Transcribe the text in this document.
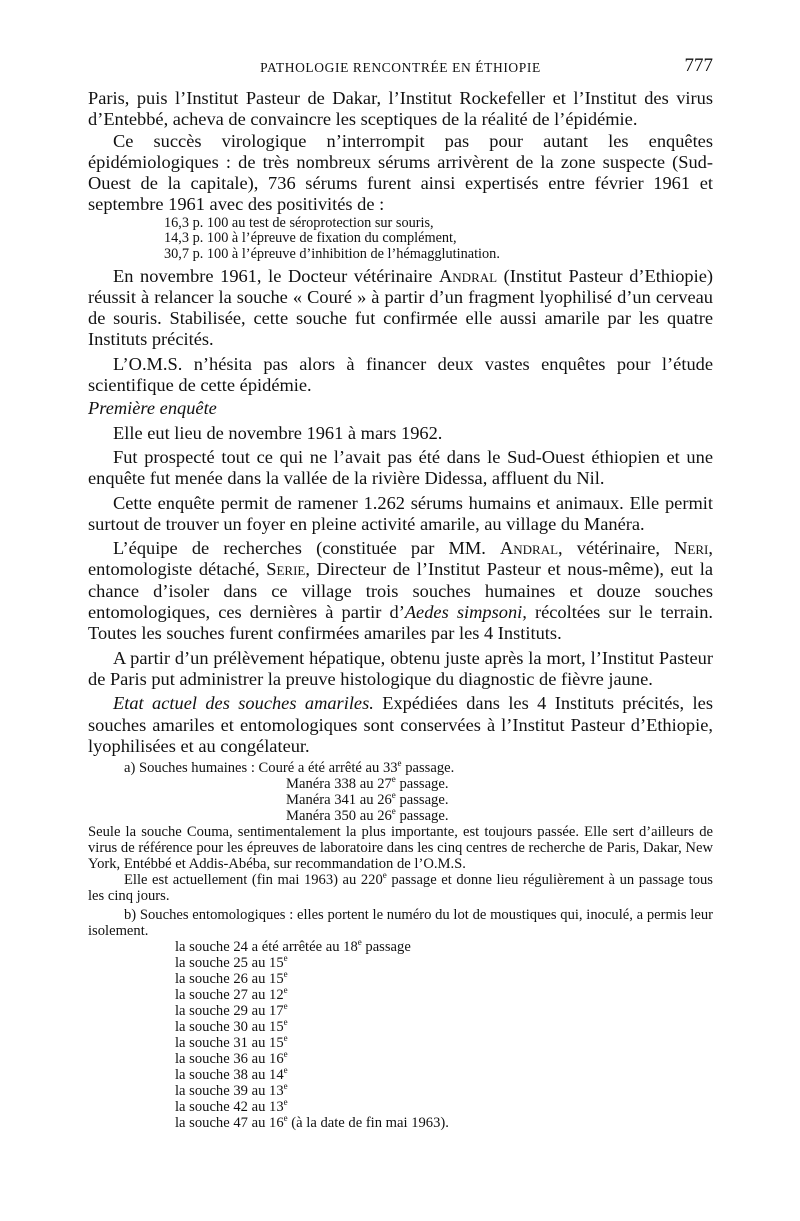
PATHOLOGIE RENCONTRÉE EN ÉTHIOPIE	777

Paris, puis l’Institut Pasteur de Dakar, l’Institut Rockefeller et l’Institut des virus d’Entebbé, acheva de convaincre les sceptiques de la réalité de l’épidémie.

Ce succès virologique n’interrompit pas pour autant les enquêtes épidémiologiques : de très nombreux sérums arrivèrent de la zone suspecte (Sud-Ouest de la capitale), 736 sérums furent ainsi expertisés entre février 1961 et septembre 1961 avec des positivités de :

16,3 p. 100 au test de séroprotection sur souris,
14,3 p. 100 à l’épreuve de fixation du complément,
30,7 p. 100 à l’épreuve d’inhibition de l’hémagglutination.

En novembre 1961, le Docteur vétérinaire Andral (Institut Pasteur d’Ethiopie) réussit à relancer la souche « Couré » à partir d’un fragment lyophilisé d’un cerveau de souris. Stabilisée, cette souche fut confirmée elle aussi amarile par les quatre Instituts précités.

L’O.M.S. n’hésita pas alors à financer deux vastes enquêtes pour l’étude scientifique de cette épidémie.

Première enquête

Elle eut lieu de novembre 1961 à mars 1962.

Fut prospecté tout ce qui ne l’avait pas été dans le Sud-Ouest éthiopien et une enquête fut menée dans la vallée de la rivière Didessa, affluent du Nil.

Cette enquête permit de ramener 1.262 sérums humains et animaux. Elle permit surtout de trouver un foyer en pleine activité amarile, au village du Manéra.

L’équipe de recherches (constituée par MM. Andral, vétérinaire, Neri, entomologiste détaché, Serie, Directeur de l’Institut Pasteur et nous-même), eut la chance d’isoler dans ce village trois souches humaines et douze souches entomologiques, ces dernières à partir d’Aedes simpsoni, récoltées sur le terrain. Toutes les souches furent confirmées amariles par les 4 Instituts.

A partir d’un prélèvement hépatique, obtenu juste après la mort, l’Institut Pasteur de Paris put administrer la preuve histologique du diagnostic de fièvre jaune.

Etat actuel des souches amariles. Expédiées dans les 4 Instituts précités, les souches amariles et entomologiques sont conservées à l’Institut Pasteur d’Ethiopie, lyophilisées et au congélateur.

a) Souches humaines : Couré a été arrêté au 33e passage.

Manéra 338 au 27e passage.

Manéra 341 au 26e passage.

Manéra 350 au 26e passage.

Seule la souche Couma, sentimentalement la plus importante, est toujours passée. Elle sert d’ailleurs de virus de référence pour les épreuves de laboratoire dans les cinq centres de recherche de Paris, Dakar, New York, Entébbé et Addis-Abéba, sur recommandation de l’O.M.S.

Elle est actuellement (fin mai 1963) au 220e passage et donne lieu régulièrement à un passage tous les cinq jours.

b) Souches entomologiques : elles portent le numéro du lot de moustiques qui, inoculé, a permis leur isolement.

la souche 24 a été arrêtée au 18e passage

la souche 25 au 15e

la souche 26 au 15e

la souche 27 au 12e

la souche 29 au 17e

la souche 30 au 15e

la souche 31 au 15e

la souche 36 au 16e

la souche 38 au 14e

la souche 39 au 13e

la souche 42 au 13e

la souche 47 au 16e (à la date de fin mai 1963).
